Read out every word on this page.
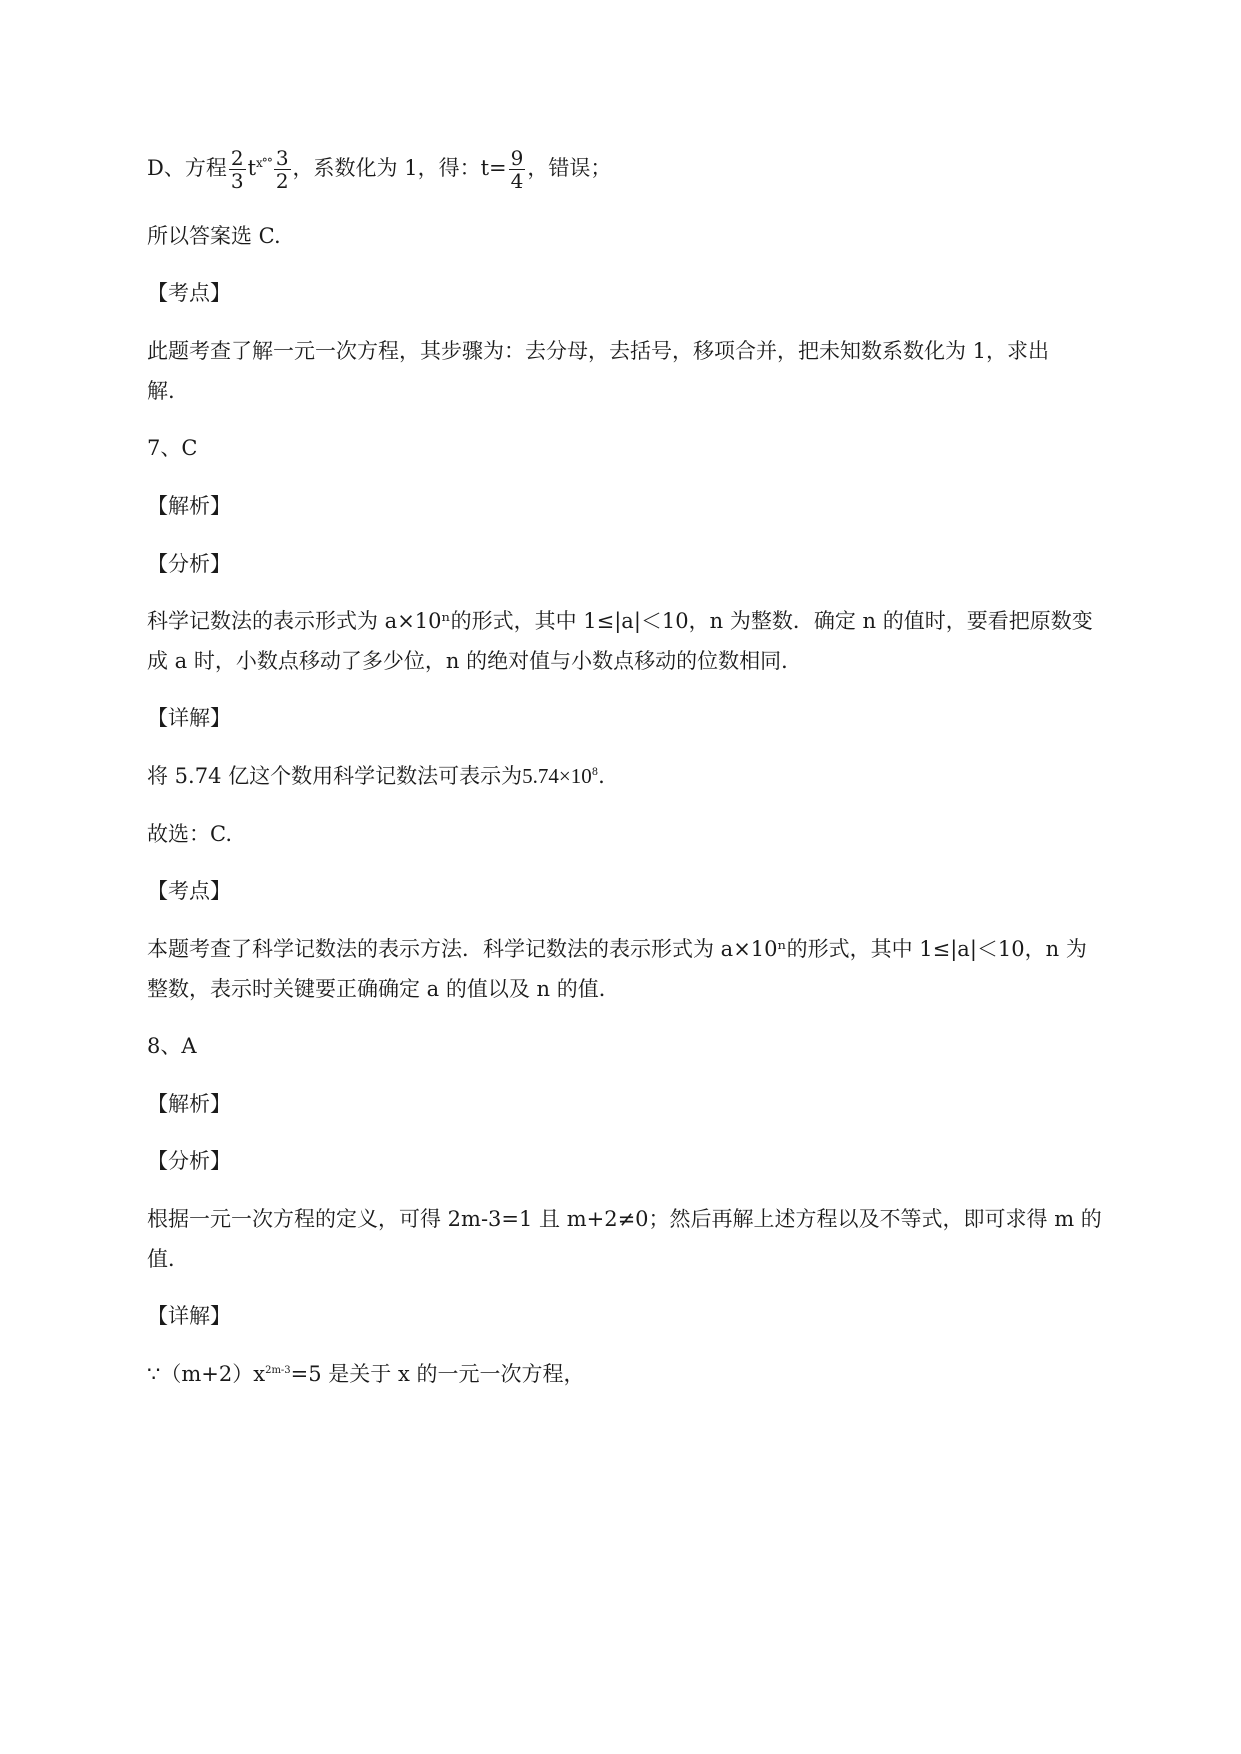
D、方程 $\frac{2}{3} t^{x^\circ^\circ} \frac{3}{2}$ ，系数化为 1，得：$t= \frac{9}{4}$ ，错误；
所以答案选 C.
【考点】
此题考查了解一元一次方程，其步骤为：去分母，去括号，移项合并，把未知数系数化为 1，求出
解.
7、C
【解析】
【分析】
科学记数法的表示形式为 a×10ⁿ的形式，其中 1≤|a|＜10，n 为整数．确定 n 的值时，要看把原数变
成 a 时，小数点移动了多少位，n 的绝对值与小数点移动的位数相同．
【详解】
将 5.74 亿这个数用科学记数法可表示为$5.74\times 10^8$.
故选：C.
【考点】
本题考查了科学记数法的表示方法．科学记数法的表示形式为 a×10ⁿ的形式，其中 1≤|a|＜10，n 为
整数，表示时关键要正确确定 a 的值以及 n 的值．
8、A
【解析】
【分析】
根据一元一次方程的定义，可得 2m-3=1 且 m+2≠0；然后再解上述方程以及不等式，即可求得 m 的
值．
【详解】
$\because(m+2)x^{2m-3}=5$ 是关于 x 的一元一次方程，
